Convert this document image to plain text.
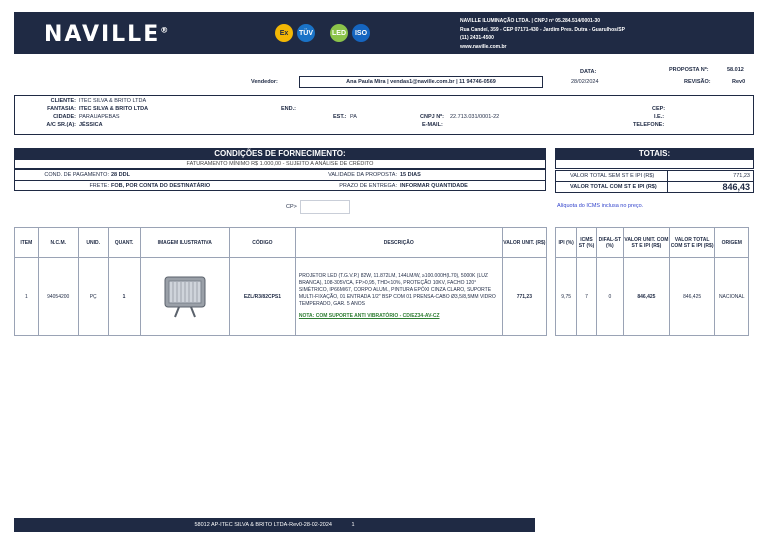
NAVILLE®	Ex	TÜV	LED	ISO
NAVILLE ILUMINAÇÃO LTDA. | CNPJ nº 05.284.514/0001-30
Rua Candeí, 359 - CEP 07171-430 - Jardim Pres. Dutra - Guarulhos/SP
(11) 2431-4500
www.naville.com.br
DATA:	PROPOSTA Nº:	58.012
Vendedor:	Ana Paula Mira | vendas1@naville.com.br | 11 94746-0569	28/02/2024	REVISÃO:	Rev0
CLIENTE: ITEC SILVA & BRITO LTDA
FANTASIA: ITEC SILVA & BRITO LTDA
CIDADE: PARAUAPEBAS
A/C SR.(A): JÉSSICA
END.:
EST.: PA	CNPJ Nº: 22.713.031/0001-22
E-MAIL:
CEP:
I.E.:
TELEFONE:
CONDIÇÕES DE FORNECIMENTO:
FATURAMENTO MÍNIMO R$ 1.000,00 - SUJEITO A ANÁLISE DE CRÉDITO
COND. DE PAGAMENTO: 28 DDL	VALIDADE DA PROPOSTA: 15 DIAS
FRETE: FOB, POR CONTA DO DESTINATÁRIO	PRAZO DE ENTREGA: INFORMAR QUANTIDADE
CP>
TOTAIS:
VALOR TOTAL SEM ST E IPI (R$)	771,23
VALOR TOTAL COM ST E IPI (R$)	846,43
Alíquota do ICMS inclusa no preço.
ITEM	N.C.M.	UNID.	QUANT.	IMAGEM ILUSTRATIVA	CÓDIGO	DESCRIÇÃO	VALOR UNIT. (R$)
1	94054200	PÇ	1		EZL/R3/82CPS1	PROJETOR LED (T.G.V.P.) 82W, 11.872LM, 144LM/W, ≥100.000H(L70), 5000K (LUZ BRANCA), 108-305VCA, FP>0,95, THD<10%, PROTEÇÃO 10KV, FACHO 120° SIMÉTRICO, IP66M/67, CORPO ALUM., PINTURA EPÓXI CINZA CLARO, SUPORTE MULTI-FIXAÇÃO, 01 ENTRADA 1/2" BSP COM 01 PRENSA-CABO Ø3,5/8,5MM VIDRO TEMPERADO, GAR. 5 ANOS
NOTA: COM SUPORTE ANTI VIBRATÓRIO - CD/EZ34-AV-CZ	771,23
IPI (%)	ICMS ST (%)	DIFAL-ST (%)	VALOR UNIT. COM ST E IPI (R$)	VALOR TOTAL COM ST E IPI (R$)	ORIGEM
9,75	7	0	846,425	846,425	NACIONAL
58012 AP-ITEC SILVA & BRITO LTDA-Rev0-28-02-2024	1
